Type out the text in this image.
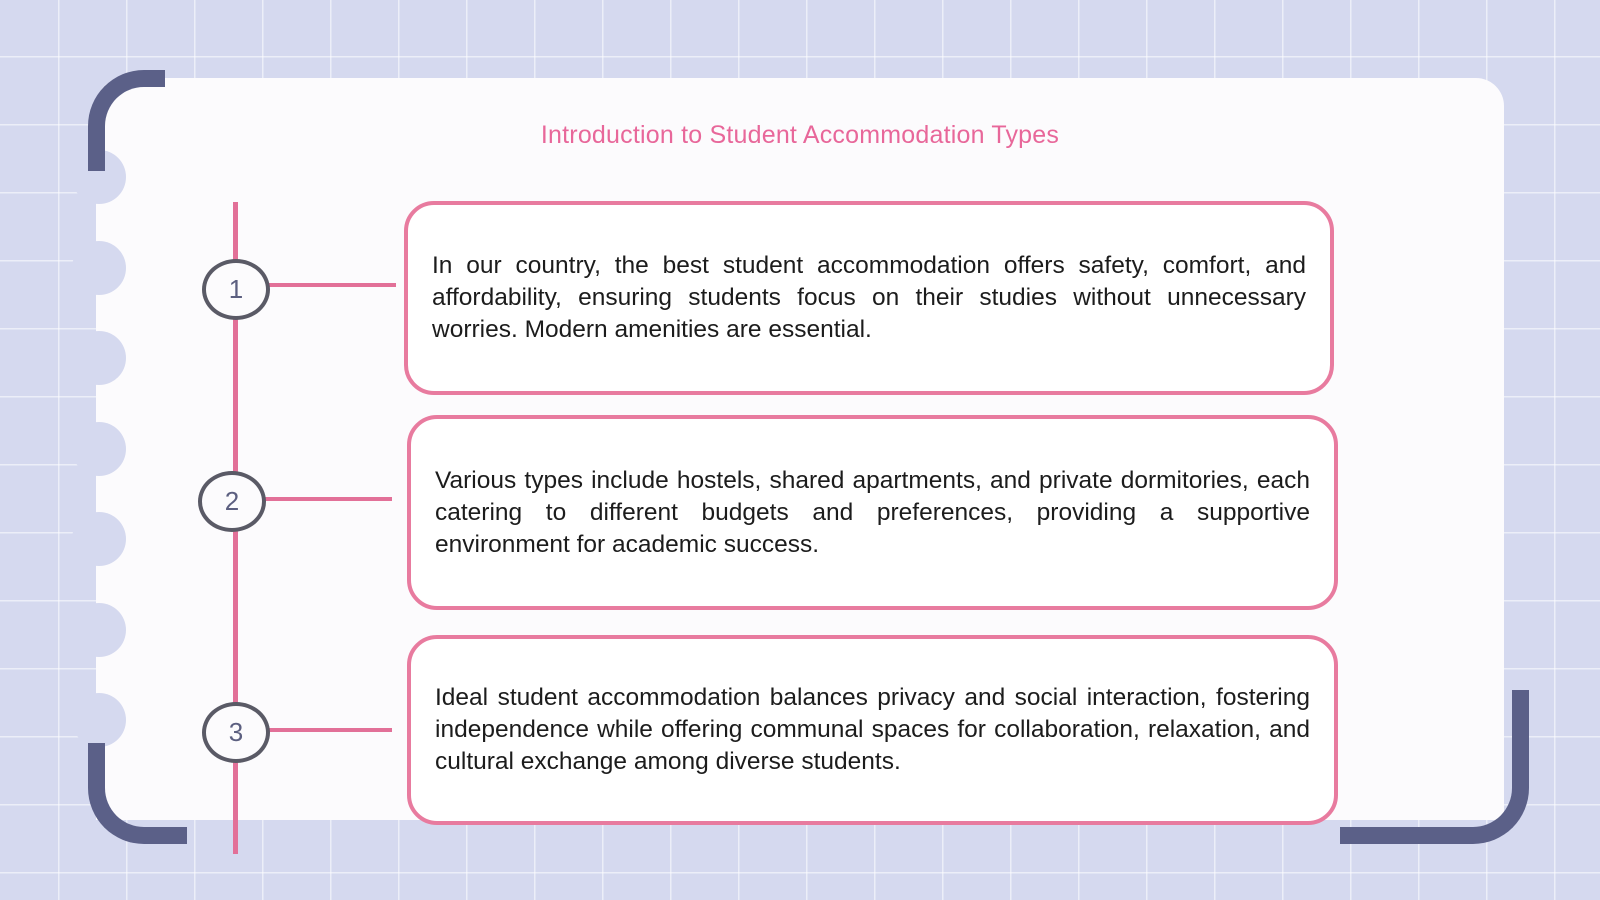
Introduction to Student Accommodation Types
1
2
3

In our country, the best student accommodation offers safety, comfort, and affordability, ensuring students focus on their studies without unnecessary worries. Modern amenities are essential.

Various types include hostels, shared apartments, and private dormitories, each catering to different budgets and preferences, providing a supportive environment for academic success.

Ideal student accommodation balances privacy and social interaction, fostering independence while offering communal spaces for collaboration, relaxation, and cultural exchange among diverse students.
